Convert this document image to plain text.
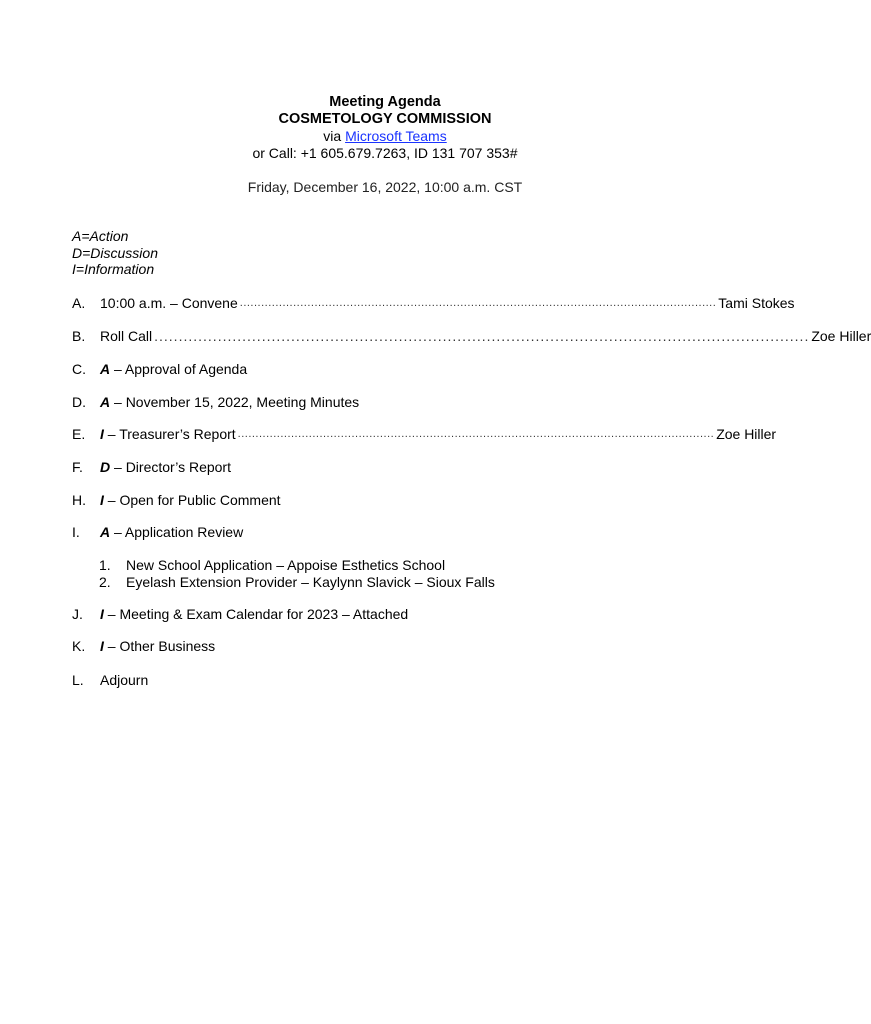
Meeting Agenda
COSMETOLOGY COMMISSION
via Microsoft Teams
or Call: +1 605.679.7263, ID 131 707 353#
Friday, December 16, 2022, 10:00 a.m. CST
A=Action
D=Discussion
I=Information
A. 10:00 a.m. – Convene ...................................................................................................................................... Tami Stokes
B. Roll Call ...................................................................................................................................... Zoe Hiller
C. A – Approval of Agenda
D. A – November 15, 2022, Meeting Minutes
E. I – Treasurer’s Report ...................................................................................................................................... Zoe Hiller
F. D – Director’s Report
H. I – Open for Public Comment
I. A – Application Review
1. New School Application – Appoise Esthetics School
2. Eyelash Extension Provider – Kaylynn Slavick – Sioux Falls
J. I – Meeting & Exam Calendar for 2023 – Attached
K. I – Other Business
L. Adjourn
